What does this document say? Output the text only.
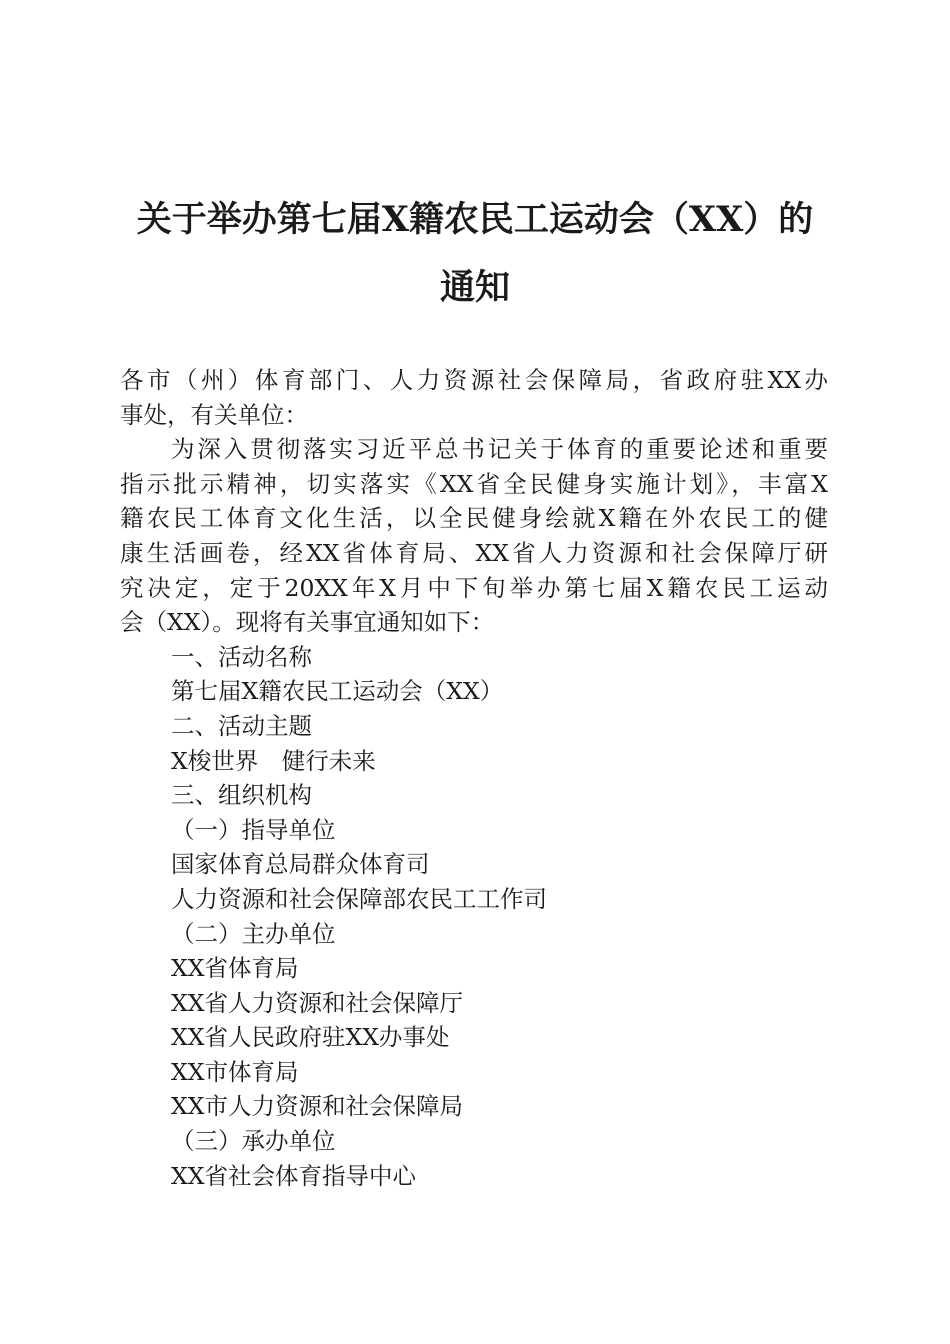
关于举办第七届X籍农民工运动会（XX）的
通知
各市（州）体育部门、人力资源社会保障局，省政府驻XX办
事处，有关单位：
为深入贯彻落实习近平总书记关于体育的重要论述和重要
指示批示精神，切实落实《XX省全民健身实施计划》，丰富X
籍农民工体育文化生活，以全民健身绘就X籍在外农民工的健
康生活画卷，经XX省体育局、XX省人力资源和社会保障厅研
究决定，定于20XX年X月中下旬举办第七届X籍农民工运动
会（XX）。现将有关事宜通知如下：
一、活动名称
第七届X籍农民工运动会（XX）
二、活动主题
X梭世界　健行未来
三、组织机构
（一）指导单位
国家体育总局群众体育司
人力资源和社会保障部农民工工作司
（二）主办单位
XX省体育局
XX省人力资源和社会保障厅
XX省人民政府驻XX办事处
XX市体育局
XX市人力资源和社会保障局
（三）承办单位
XX省社会体育指导中心
